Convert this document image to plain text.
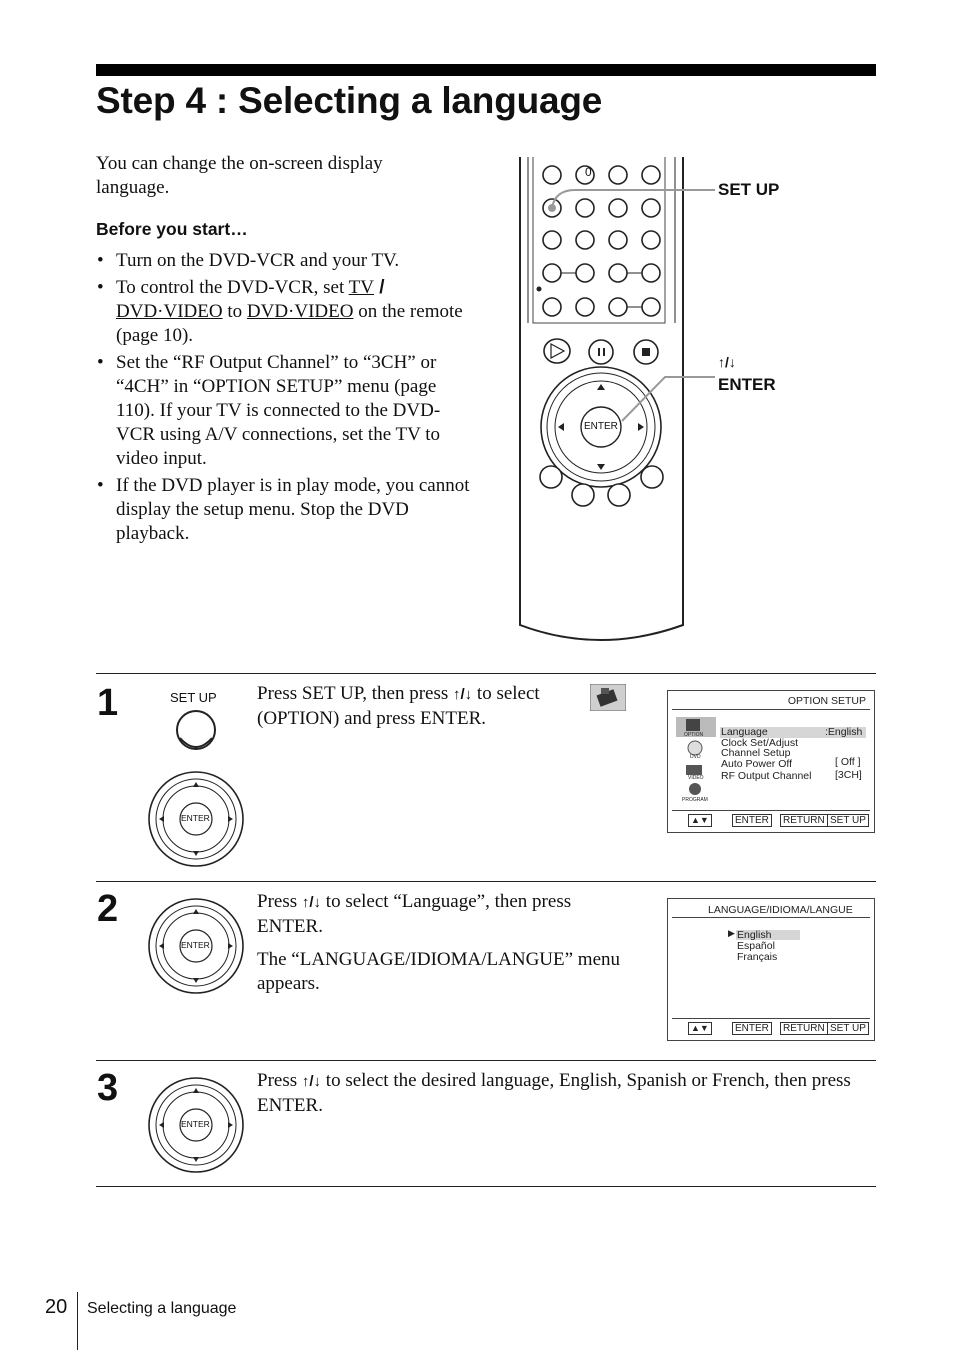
Step 4 : Selecting a language

You can change the on-screen display language.

Before you start…
• Turn on the DVD-VCR and your TV.
• To control the DVD-VCR, set TV / DVD·VIDEO to DVD·VIDEO on the remote (page 10).
• Set the “RF Output Channel” to “3CH” or “4CH” in “OPTION SETUP” menu (page 110). If your TV is connected to the DVD-VCR using A/V connections, set the TV to video input.
• If the DVD player is in play mode, you cannot display the setup menu. Stop the DVD playback.
0
ENTER
SET UP
↑/↓
ENTER
1	SET UP
ENTER

Press SET UP, then press ↑/↓ to select
(OPTION) and press ENTER.

OPTION SETUP
OPTION
DVD
VIDEO
PROGRAM
Language	:English
Clock Set/Adjust
Channel Setup
Auto Power Off	[ Off ]
RF Output Channel [3CH]
▲▼	ENTER	RETURN SET UP
2
ENTER

Press ↑/↓ to select “Language”, then press ENTER.

The “LANGUAGE/IDIOMA/LANGUE” menu appears.

LANGUAGE/IDIOMA/LANGUE
▶ English
Español
Français
▲▼	ENTER	RETURN SET UP
3
ENTER

Press ↑/↓ to select the desired language, English, Spanish or French, then press ENTER.

20 Selecting a language
